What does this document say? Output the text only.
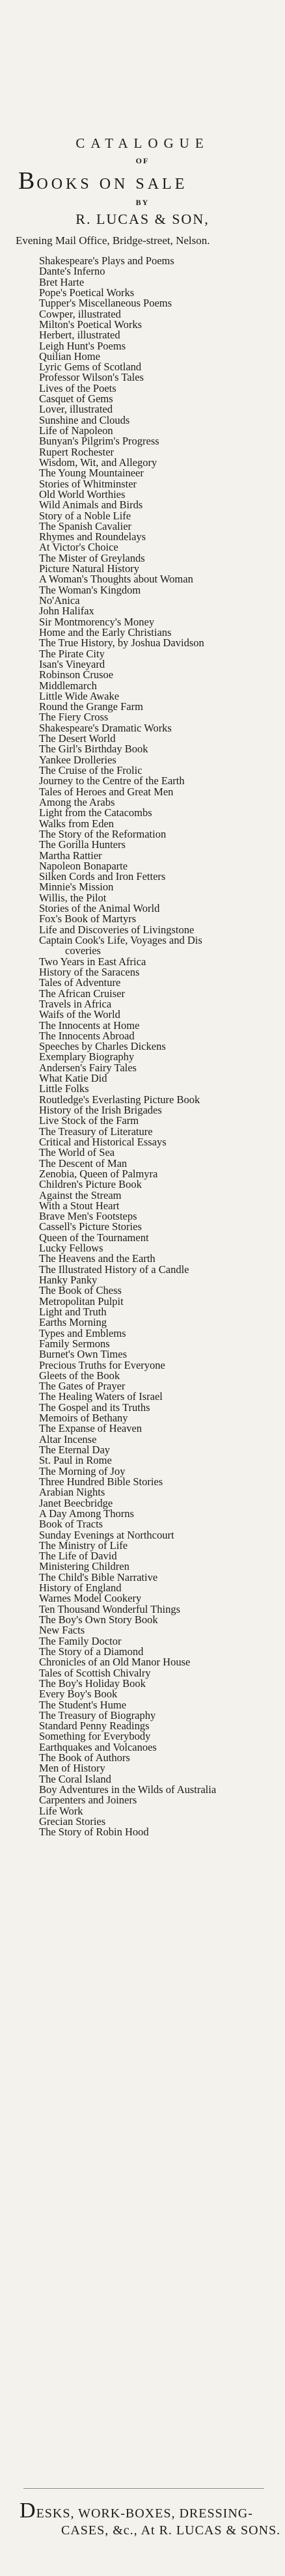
CATALOGUE
OF
BOOKS ON SALE
BY
R. LUCAS & SON,
Evening Mail Office, Bridge-street, Nelson.
Shakespeare's Plays and Poems
Dante's Inferno
Bret Harte
Pope's Poetical Works
Tupper's Miscellaneous Poems
Cowper, illustrated
Milton's Poetical Works
Herbert, illustrated
Leigh Hunt's Poems
Quilian Home
Lyric Gems of Scotland
Professor Wilson's Tales
Lives of the Poets
Casquet of Gems
Lover, illustrated
Sunshine and Clouds
Life of Napoleon
Bunyan's Pilgrim's Progress
Rupert Rochester
Wisdom, Wit, and Allegory
The Young Mountaineer
Stories of Whitminster
Old World Worthies
Wild Animals and Birds
Story of a Noble Life
The Spanish Cavalier
Rhymes and Roundelays
At Victor's Choice
The Mister of Greylands
Picture Natural History
A Woman's Thoughts about Woman
The Woman's Kingdom
No'Anica
John Halifax
Sir Montmorency's Money
Home and the Early Christians
The True History, by Joshua Davidson
The Pirate City
Isan's Vineyard
Robinson Crusoe
Middlemarch
Little Wide Awake
Round the Grange Farm
The Fiery Cross
Shakespeare's Dramatic Works
The Desert World
The Girl's Birthday Book
Yankee Drolleries
The Cruise of the Frolic
Journey to the Centre of the Earth
Tales of Heroes and Great Men
Among the Arabs
Light from the Catacombs
Walks from Eden
The Story of the Reformation
The Gorilla Hunters
Martha Rattier
Napoleon Bonaparte
Silken Cords and Iron Fetters
Minnie's Mission
Willis, the Pilot
Stories of the Animal World
Fox's Book of Martyrs
Life and Discoveries of Livingstone
Captain Cook's Life, Voyages and Dis
coveries
Two Years in East Africa
History of the Saracens
Tales of Adventure
The African Cruiser
Travels in Africa
Waifs of the World
The Innocents at Home
The Innocents Abroad
Speeches by Charles Dickens
Exemplary Biography
Andersen's Fairy Tales
What Katie Did
Little Folks
Routledge's Everlasting Picture Book
History of the Irish Brigades
Live Stock of the Farm
The Treasury of Literature
Critical and Historical Essays
The World of Sea
The Descent of Man
Zenobia, Queen of Palmyra
Children's Picture Book
Against the Stream
With a Stout Heart
Brave Men's Footsteps
Cassell's Picture Stories
Queen of the Tournament
Lucky Fellows
The Heavens and the Earth
The Illustrated History of a Candle
Hanky Panky
The Book of Chess
Metropolitan Pulpit
Light and Truth
Earths Morning
Types and Emblems
Family Sermons
Burnet's Own Times
Precious Truths for Everyone
Gleets of the Book
The Gates of Prayer
The Healing Waters of Israel
The Gospel and its Truths
Memoirs of Bethany
The Expanse of Heaven
Altar Incense
The Eternal Day
St. Paul in Rome
The Morning of Joy
Three Hundred Bible Stories
Arabian Nights
Janet Beecbridge
A Day Among Thorns
Book of Tracts
Sunday Evenings at Northcourt
The Ministry of Life
The Life of David
Ministering Children
The Child's Bible Narrative
History of England
Warnes Model Cookery
Ten Thousand Wonderful Things
The Boy's Own Story Book
New Facts
The Family Doctor
The Story of a Diamond
Chronicles of an Old Manor House
Tales of Scottish Chivalry
The Boy's Holiday Book
Every Boy's Book
The Student's Hume
The Treasury of Biography
Standard Penny Readings
Something for Everybody
Earthquakes and Volcanoes
The Book of Authors
Men of History
The Coral Island
Boy Adventures in the Wilds of Australia
Carpenters and Joiners
Life Work
Grecian Stories
The Story of Robin Hood
DESKS, WORK-BOXES, DRESSING-
CASES, &c., At R. LUCAS & SONS.
